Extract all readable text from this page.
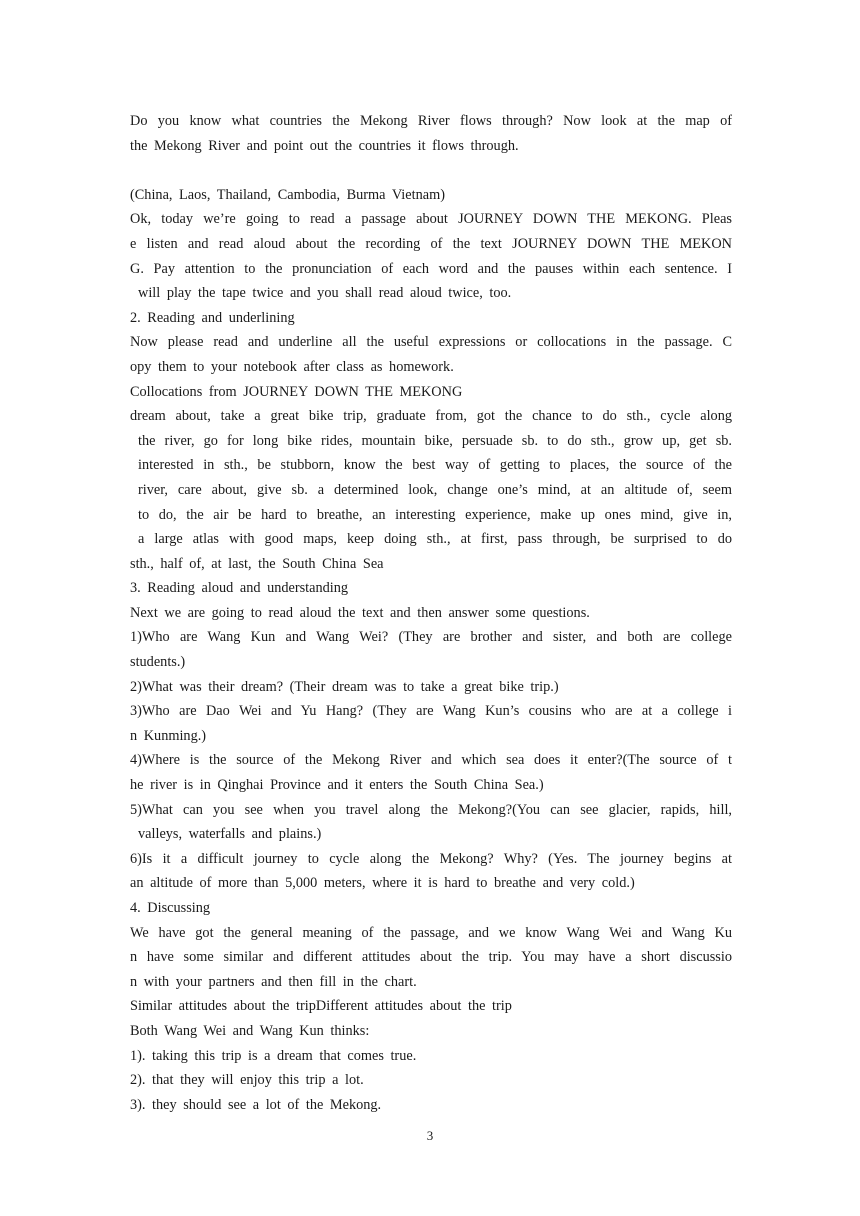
Do you know what countries the Mekong River flows through? Now look at the map of
the Mekong River and point out the countries it flows through.
(China, Laos, Thailand, Cambodia, Burma Vietnam)
Ok, today we’re going to read a passage about JOURNEY DOWN THE MEKONG. Pleas
e listen and read aloud about the recording of the text JOURNEY DOWN THE MEKON
G. Pay attention to the pronunciation of each word and the pauses within each sentence. I
will play the tape twice and you shall read aloud twice, too.
2. Reading and underlining
Now please read and underline all the useful expressions or collocations in the passage. C
opy them to your notebook after class as homework.
Collocations from JOURNEY DOWN THE MEKONG
dream about, take a great bike trip, graduate from, got the chance to do sth., cycle along
the river, go for long bike rides, mountain bike, persuade sb. to do sth., grow up, get sb.
interested in sth., be stubborn, know the best way of getting to places, the source of the
river, care about, give sb. a determined look, change one’s mind, at an altitude of, seem
to do, the air be hard to breathe, an interesting experience, make up ones mind, give in,
a large atlas with good maps, keep doing sth., at first, pass through, be surprised to do
sth., half of, at last, the South China Sea
3. Reading aloud and understanding
Next we are going to read aloud the text and then answer some questions.
1)Who are Wang Kun and Wang Wei? (They are brother and sister, and both are college
students.)
2)What was their dream? (Their dream was to take a great bike trip.)
3)Who are Dao Wei and Yu Hang? (They are Wang Kun’s cousins who are at a college i
n Kunming.)
4)Where is the source of the Mekong River and which sea does it enter?(The source of t
he river is in Qinghai Province and it enters the South China Sea.)
5)What can you see when you travel along the Mekong?(You can see glacier, rapids, hill,
valleys, waterfalls and plains.)
6)Is it a difficult journey to cycle along the Mekong? Why? (Yes. The journey begins at
an altitude of more than 5,000 meters, where it is hard to breathe and very cold.)
4. Discussing
We have got the general meaning of the passage, and we know Wang Wei and Wang Ku
n have some similar and different attitudes about the trip. You may have a short discussio
n with your partners and then fill in the chart.
Similar attitudes about the tripDifferent attitudes about the trip
Both Wang Wei and Wang Kun thinks:
1). taking this trip is a dream that comes true.
2). that they will enjoy this trip a lot.
3). they should see a lot of the Mekong.
3
